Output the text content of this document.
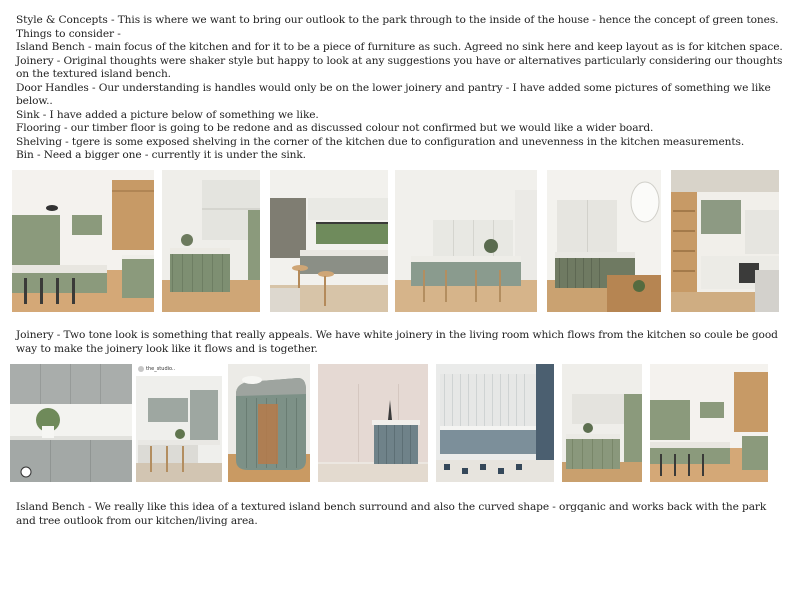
Style & Concepts - This is where we want to bring our outlook to the park through to the inside of the house - hence the concept of green tones.

Things to consider -

Island Bench - main focus of the kitchen and for it to be a piece of furniture as such. Agreed no sink here and keep layout as is for kitchen space.

Joinery - Original thoughts were shaker style but happy to look at any suggestions you have or alternatives particularly considering our thoughts on the textured island bench.

Door Handles - Our understanding is handles would only be on the lower joinery and pantry - I have added some pictures of something we like below..

Sink - I have added a picture below of something we like.

Flooring - our timber floor is going to be redone and as discussed colour not confirmed but we would like a wider board.

Shelving - tgere is some exposed shelving in the corner of the kitchen due to configuration and unevenness in the kitchen measurements.

Bin - Need a bigger one - currently it is under the sink.

Joinery - Two tone look is something that really appeals. We have white joinery in the living room which flows from the kitchen so coule be good way to make the joinery look like it flows and is together.

the_studio..

Island Bench - We really like this idea of a textured island bench surround and also the curved shape - orgqanic and works back with the park and tree outlook from our kitchen/living area.
